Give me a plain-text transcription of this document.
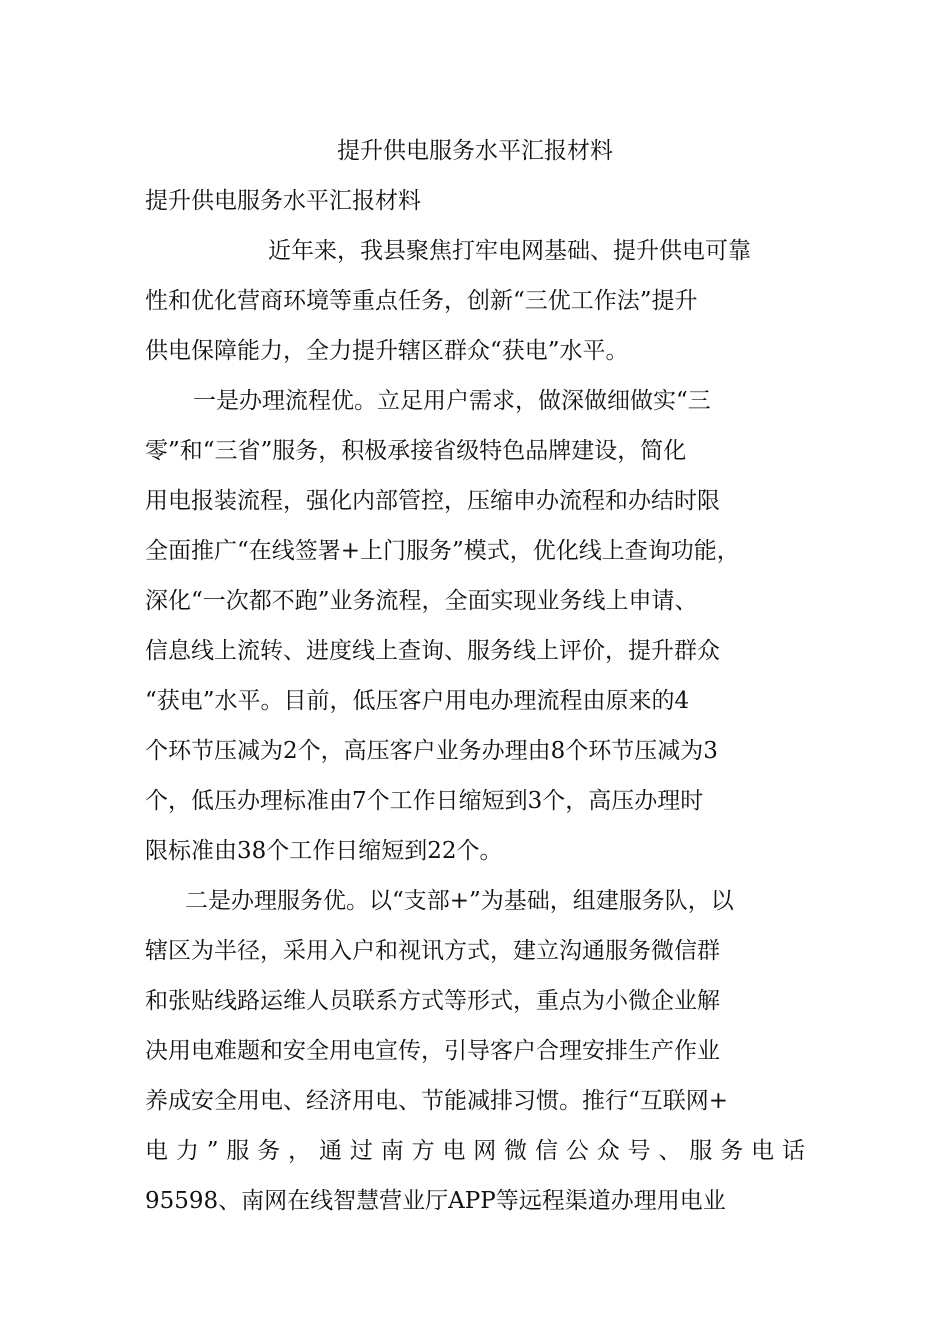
提升供电服务水平汇报材料
提升供电服务水平汇报材料
近年来，我县聚焦打牢电网基础、提升供电可靠
性和优化营商环境等重点任务，创新“三优工作法”提升
供电保障能力，全力提升辖区群众“获电”水平。
一是办理流程优。立足用户需求，做深做细做实“三
零”和“三省”服务，积极承接省级特色品牌建设，简化
用电报装流程，强化内部管控，压缩申办流程和办结时限
全面推广“在线签署+上门服务”模式，优化线上查询功能，
深化“一次都不跑”业务流程，全面实现业务线上申请、
信息线上流转、进度线上查询、服务线上评价，提升群众
“获电”水平。目前，低压客户用电办理流程由原来的4
个环节压减为2个，高压客户业务办理由8个环节压减为3
个，低压办理标准由7个工作日缩短到3个，高压办理时
限标准由38个工作日缩短到22个。
二是办理服务优。以“支部+”为基础，组建服务队，以
辖区为半径，采用入户和视讯方式，建立沟通服务微信群
和张贴线路运维人员联系方式等形式，重点为小微企业解
决用电难题和安全用电宣传，引导客户合理安排生产作业
养成安全用电、经济用电、节能减排习惯。推行“互联网+
电力”服务，通过南方电网微信公众号、服务电话
95598、南网在线智慧营业厅APP等远程渠道办理用电业
